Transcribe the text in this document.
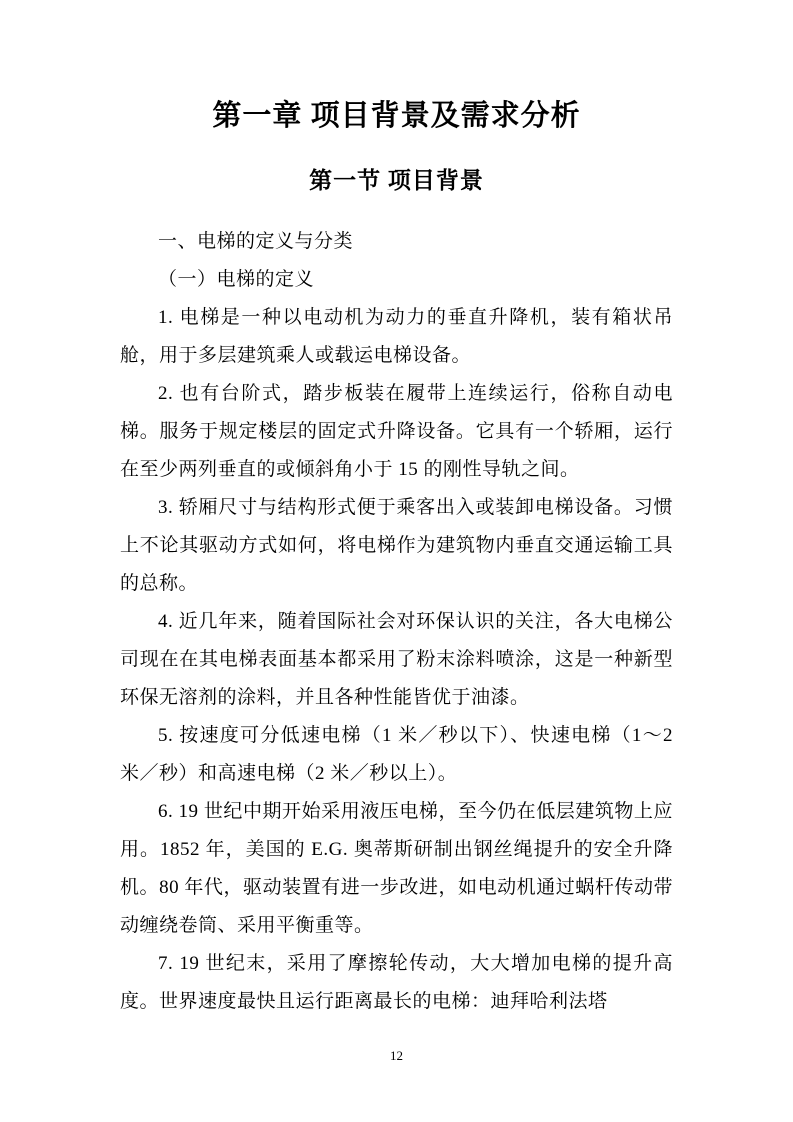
第一章 项目背景及需求分析
第一节 项目背景

一、电梯的定义与分类

（一）电梯的定义

1. 电梯是一种以电动机为动力的垂直升降机，装有箱状吊舱，用于多层建筑乘人或载运电梯设备。

2. 也有台阶式，踏步板装在履带上连续运行，俗称自动电梯。服务于规定楼层的固定式升降设备。它具有一个轿厢，运行在至少两列垂直的或倾斜角小于 15 的刚性导轨之间。

3. 轿厢尺寸与结构形式便于乘客出入或装卸电梯设备。习惯上不论其驱动方式如何，将电梯作为建筑物内垂直交通运输工具的总称。

4. 近几年来，随着国际社会对环保认识的关注，各大电梯公司现在在其电梯表面基本都采用了粉末涂料喷涂，这是一种新型环保无溶剂的涂料，并且各种性能皆优于油漆。

5. 按速度可分低速电梯（1 米／秒以下）、快速电梯（1～2 米／秒）和高速电梯（2 米／秒以上）。

6. 19 世纪中期开始采用液压电梯，至今仍在低层建筑物上应用。1852 年，美国的 E.G. 奥蒂斯研制出钢丝绳提升的安全升降机。80 年代，驱动装置有进一步改进，如电动机通过蜗杆传动带动缠绕卷筒、采用平衡重等。

7. 19 世纪末，采用了摩擦轮传动，大大增加电梯的提升高度。世界速度最快且运行距离最长的电梯：迪拜哈利法塔

12
